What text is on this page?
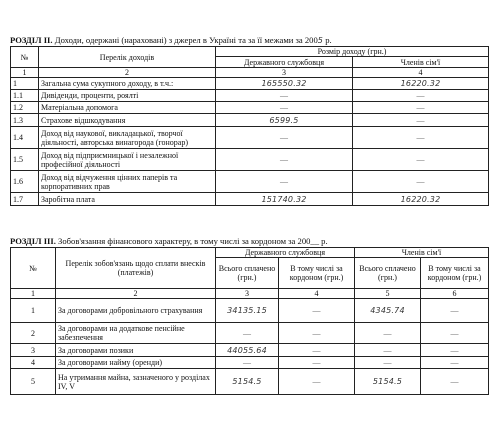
РОЗДІЛ II. Доходи, одержані (нараховані) з джерел в Україні та за її межами за 2005 р.
№	Перелік доходів	Розмір доходу (грн.)	
		Державного службовця	Членів сім'ї
1	2	3	4
1	Загальна сума сукупного доходу, в т.ч.:	165550.32	16220.32
1.1	Дивіденди, проценти, роялті	—	—
1.2	Матеріальна допомога	—	—
1.3	Страхове відшкодування	6599.5	—
1.4	Доход від наукової, викладацької, творчої діяльності, авторська винагорода (гонорар)	—	—
1.5	Доход від підприємницької і незалежної професійної діяльності	—	—
1.6	Доход від відчуження цінних паперів та корпоративних прав	—	—
1.7	Заробітна плата	151740.32	16220.32
РОЗДІЛ III. Зобов'язання фінансового характеру, в тому числі за кордоном за 200__ р.
№	Перелік зобов'язань щодо сплати внесків (платежів)	Державного службовця		Членів сім'ї	
		Всього сплачено (грн.)	В тому числі за кордоном (грн.)	Всього сплачено (грн.)	В тому числі за кордоном (грн.)
1	2	3	4	5	6
1	За договорами добровільного страхування	34135.15	—	4345.74	—
2	За договорами на додаткове пенсійне забезпечення	—	—	—	—
3	За договорами позики	44055.64	—	—	—
4	За договорами найму (оренди)	—	—	—	—
5	На утримання майна, зазначеного у розділах IV, V	5154.5	—	5154.5	—
